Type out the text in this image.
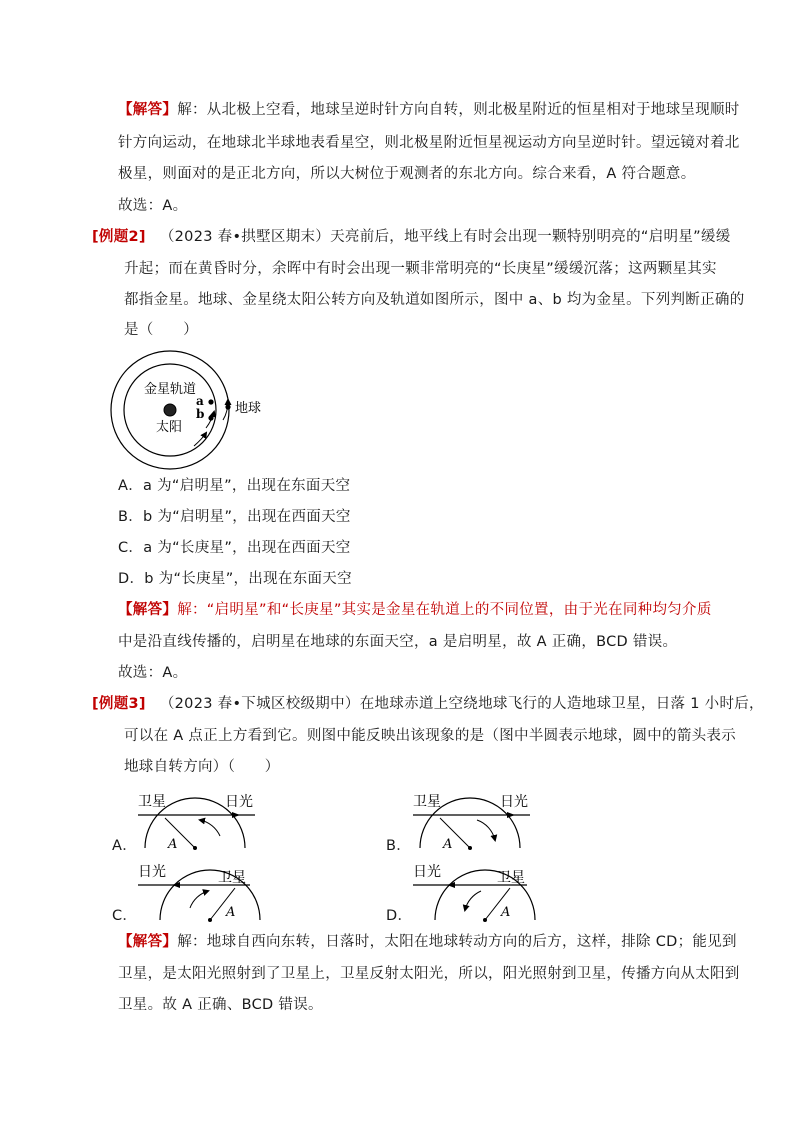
【解答】解：从北极上空看，地球呈逆时针方向自转，则北极星附近的恒星相对于地球呈现顺时
针方向运动，在地球北半球地表看星空，则北极星附近恒星视运动方向呈逆时针。望远镜对着北
极星，则面对的是正北方向，所以大树位于观测者的东北方向。综合来看，A 符合题意。
故选：A。
[例题2] （2023 春•拱墅区期末）天亮前后，地平线上有时会出现一颗特别明亮的“启明星”缓缓
升起；而在黄昏时分，余晖中有时会出现一颗非常明亮的“长庚星”缓缓沉落；这两颗星其实
都指金星。地球、金星绕太阳公转方向及轨道如图所示，图中 a、b 均为金星。下列判断正确的
是（　　）
金星轨道
太阳
地球
a
b
A．a 为“启明星”，出现在东面天空
B．b 为“启明星”，出现在西面天空
C．a 为“长庚星”，出现在西面天空
D．b 为“长庚星”，出现在东面天空
【解答】解：“启明星”和“长庚星”其实是金星在轨道上的不同位置，由于光在同种均匀介质
中是沿直线传播的，启明星在地球的东面天空，a 是启明星，故 A 正确，BCD 错误。
故选：A。
[例题3] （2023 春•下城区校级期中）在地球赤道上空绕地球飞行的人造地球卫星，日落 1 小时后，
可以在 A 点正上方看到它。则图中能反映出该现象的是（图中半圆表示地球，圆中的箭头表示
地球自转方向）（　　）
卫星	日光
A
A．
卫星	日光
A
B．
日光	卫星
A
C．
日光	卫星
A
D．
【解答】解：地球自西向东转，日落时，太阳在地球转动方向的后方，这样，排除 CD；能见到
卫星，是太阳光照射到了卫星上，卫星反射太阳光，所以，阳光照射到卫星，传播方向从太阳到
卫星。故 A 正确、BCD 错误。
